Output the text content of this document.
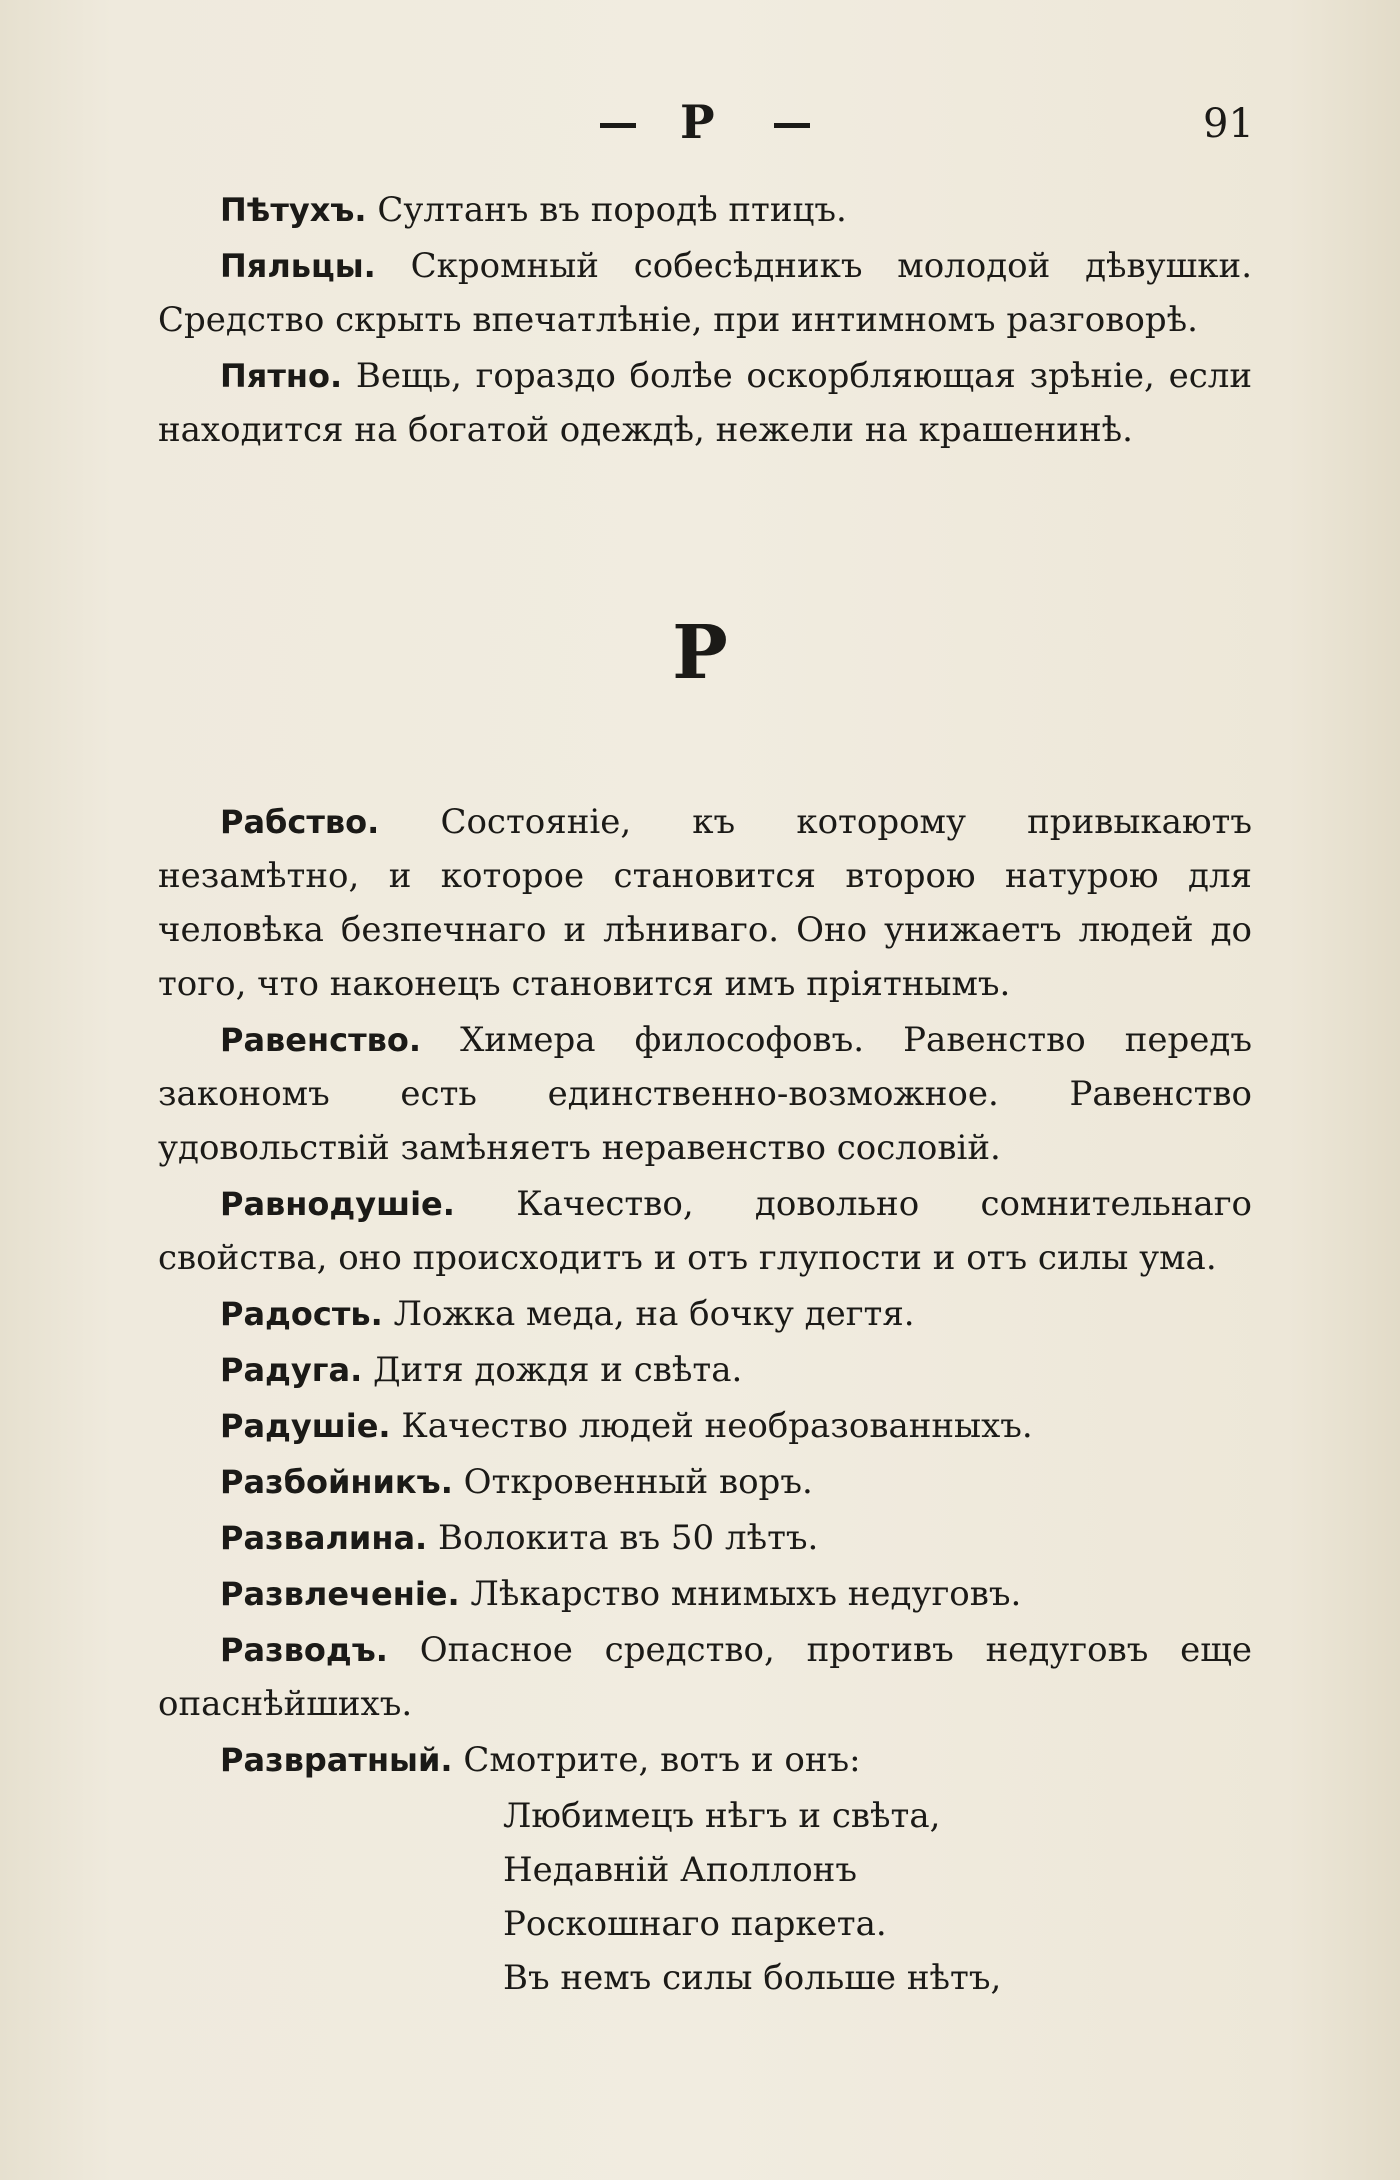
Р	91

Пѣтухъ. Султанъ въ породѣ птицъ.

Пяльцы. Скромный собесѣдникъ молодой дѣвушки. Средство скрыть впечатлѣніе, при интимномъ разговорѣ.

Пятно. Вещь, гораздо болѣе оскорбляющая зрѣніе, если находится на богатой одеждѣ, нежели на крашенинѣ.

Р

Рабство. Состояніе, къ которому привыкаютъ незамѣтно, и которое становится второю натурою для человѣка безпечнаго и лѣниваго. Оно унижаетъ людей до того, что наконецъ становится имъ пріятнымъ.

Равенство. Химера философовъ. Равенство передъ закономъ есть единственно-возможное. Равенство удовольствій замѣняетъ неравенство сословій.

Равнодушіе. Качество, довольно сомнительнаго свойства, оно происходитъ и отъ глупости и отъ силы ума.

Радость. Ложка меда, на бочку дегтя.

Радуга. Дитя дождя и свѣта.

Радушіе. Качество людей необразованныхъ.

Разбойникъ. Откровенный воръ.

Развалина. Волокита въ 50 лѣтъ.

Развлеченіе. Лѣкарство мнимыхъ недуговъ.

Разводъ. Опасное средство, противъ недуговъ еще опаснѣйшихъ.

Развратный. Смотрите, вотъ и онъ:

Любимецъ нѣгъ и свѣта,
Недавній Аполлонъ
Роскошнаго паркета.
Въ немъ силы больше нѣтъ,
